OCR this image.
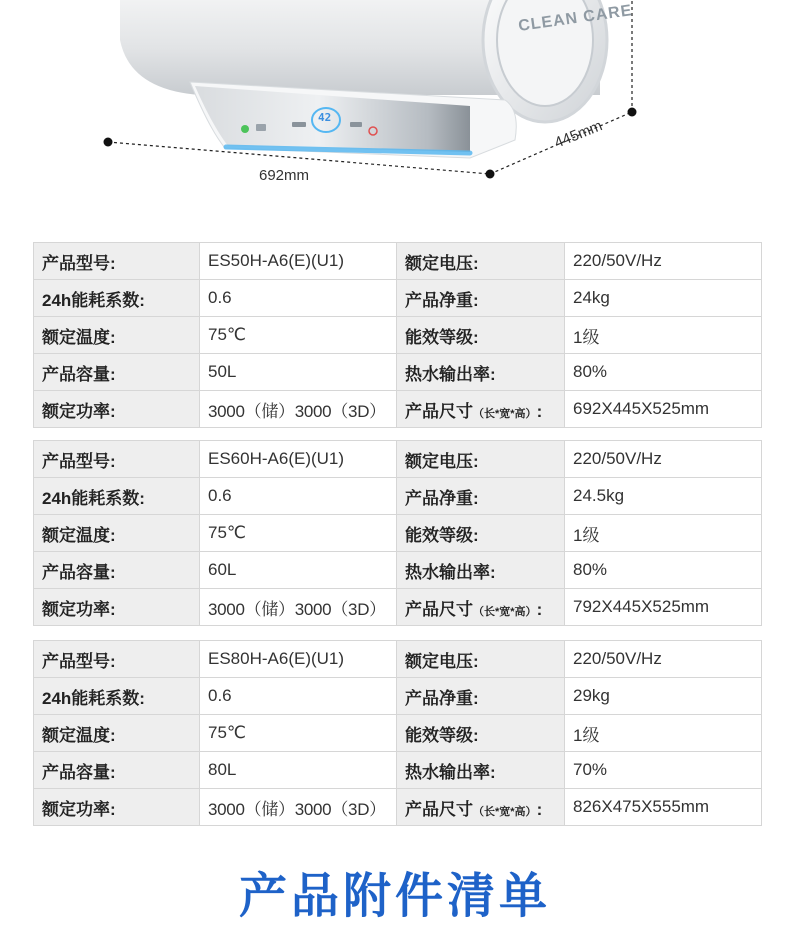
CLEAN CARE
42
692mm
445mm
产品型号:	ES50H-A6(E)(U1)	额定电压:	220/50V/Hz
24h能耗系数:	0.6	产品净重:	24kg
额定温度:	75℃	能效等级:	1级
产品容量:	50L	热水输出率:	80%
额定功率:	3000（储）3000（3D）	产品尺寸（长*宽*高）:	692X445X525mm
产品型号:	ES60H-A6(E)(U1)	额定电压:	220/50V/Hz
24h能耗系数:	0.6	产品净重:	24.5kg
额定温度:	75℃	能效等级:	1级
产品容量:	60L	热水输出率:	80%
额定功率:	3000（储）3000（3D）	产品尺寸（长*宽*高）:	792X445X525mm
产品型号:	ES80H-A6(E)(U1)	额定电压:	220/50V/Hz
24h能耗系数:	0.6	产品净重:	29kg
额定温度:	75℃	能效等级:	1级
产品容量:	80L	热水输出率:	70%
额定功率:	3000（储）3000（3D）	产品尺寸（长*宽*高）:	826X475X555mm
产品附件清单
